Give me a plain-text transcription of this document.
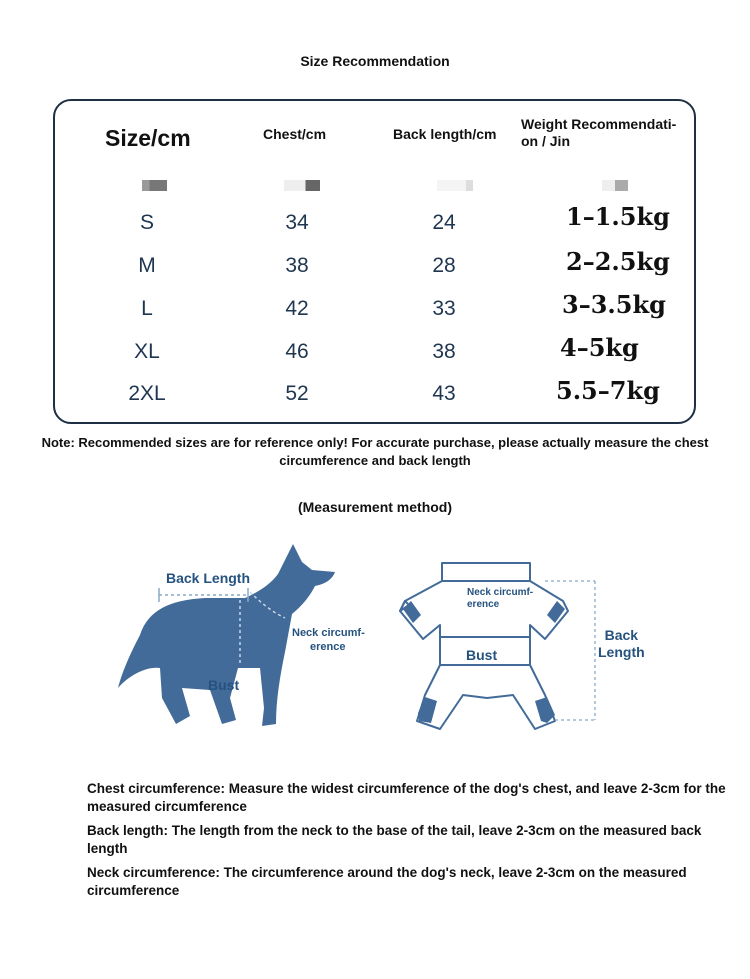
Size Recommendation
Size/cm	Chest/cm	Back length/cm
Weight Recommendati-
on / Jin
S	34	24	1–1.5kg
M	38	28	2–2.5kg
L	42	33	3–3.5kg
XL	46	38	4–5kg
2XL	52	43	5.5–7kg
Note: Recommended sizes are for reference only! For accurate purchase, please actually measure the chest circumference and back length
(Measurement method)
Back Length
Neck circumf-
erence
Bust
Neck circumf-
erence
Bust
Back
Length
Chest circumference: Measure the widest circumference of the dog's chest, and leave 2-3cm for the measured circumference
Back length: The length from the neck to the base of the tail, leave 2-3cm on the measured back length
Neck circumference: The circumference around the dog's neck, leave 2-3cm on the measured circumference
